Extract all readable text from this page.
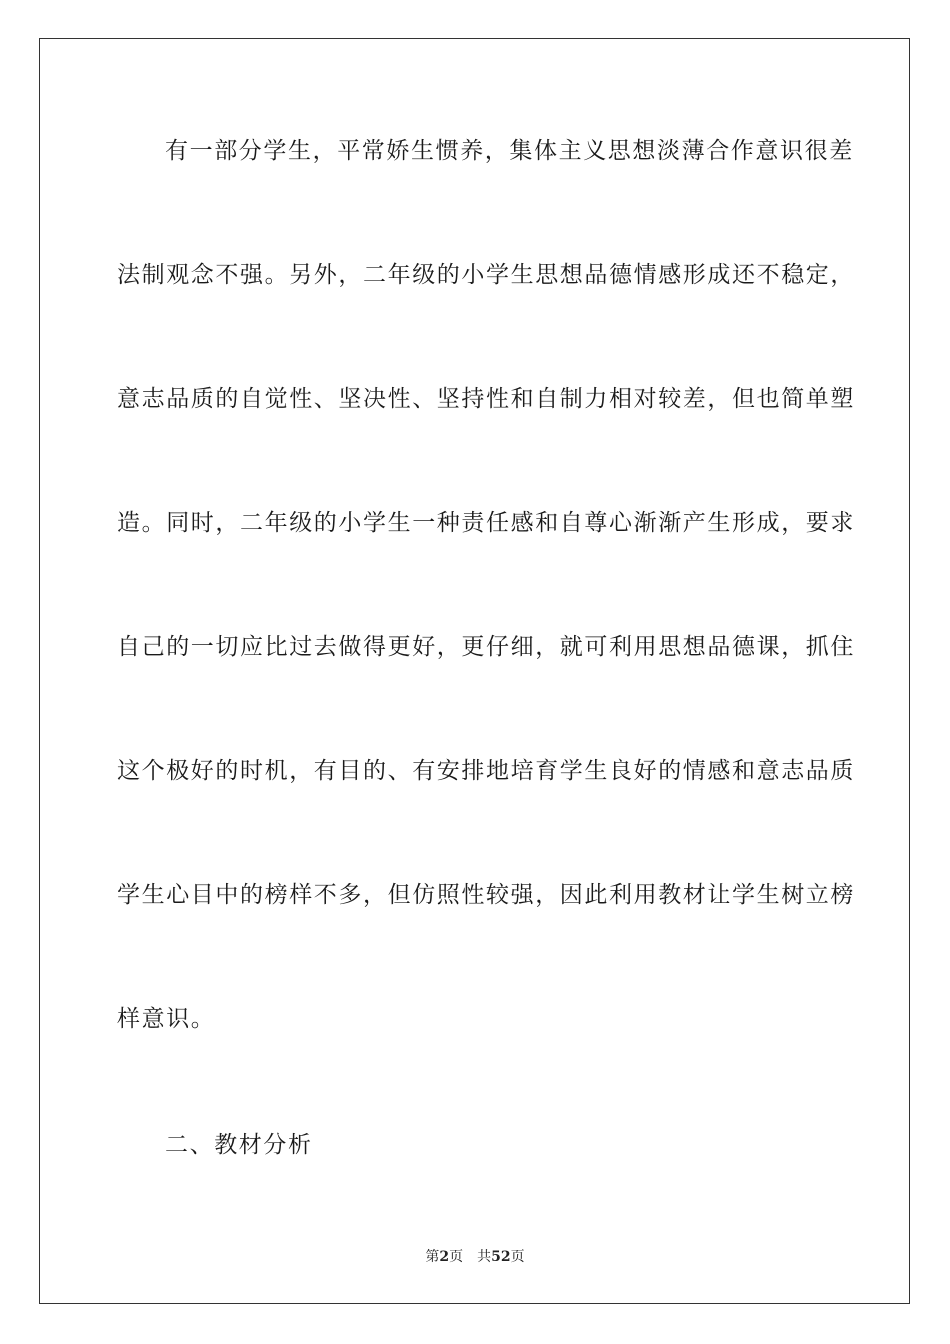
有一部分学生，平常娇生惯养，集体主义思想淡薄合作意识很差
法制观念不强。另外，二年级的小学生思想品德情感形成还不稳定，
意志品质的自觉性、坚决性、坚持性和自制力相对较差，但也简单塑
造。同时，二年级的小学生一种责任感和自尊心渐渐产生形成，要求
自己的一切应比过去做得更好，更仔细，就可利用思想品德课，抓住
这个极好的时机，有目的、有安排地培育学生良好的情感和意志品质
学生心目中的榜样不多，但仿照性较强，因此利用教材让学生树立榜
样意识。
二、教材分析
第2页 共52页
